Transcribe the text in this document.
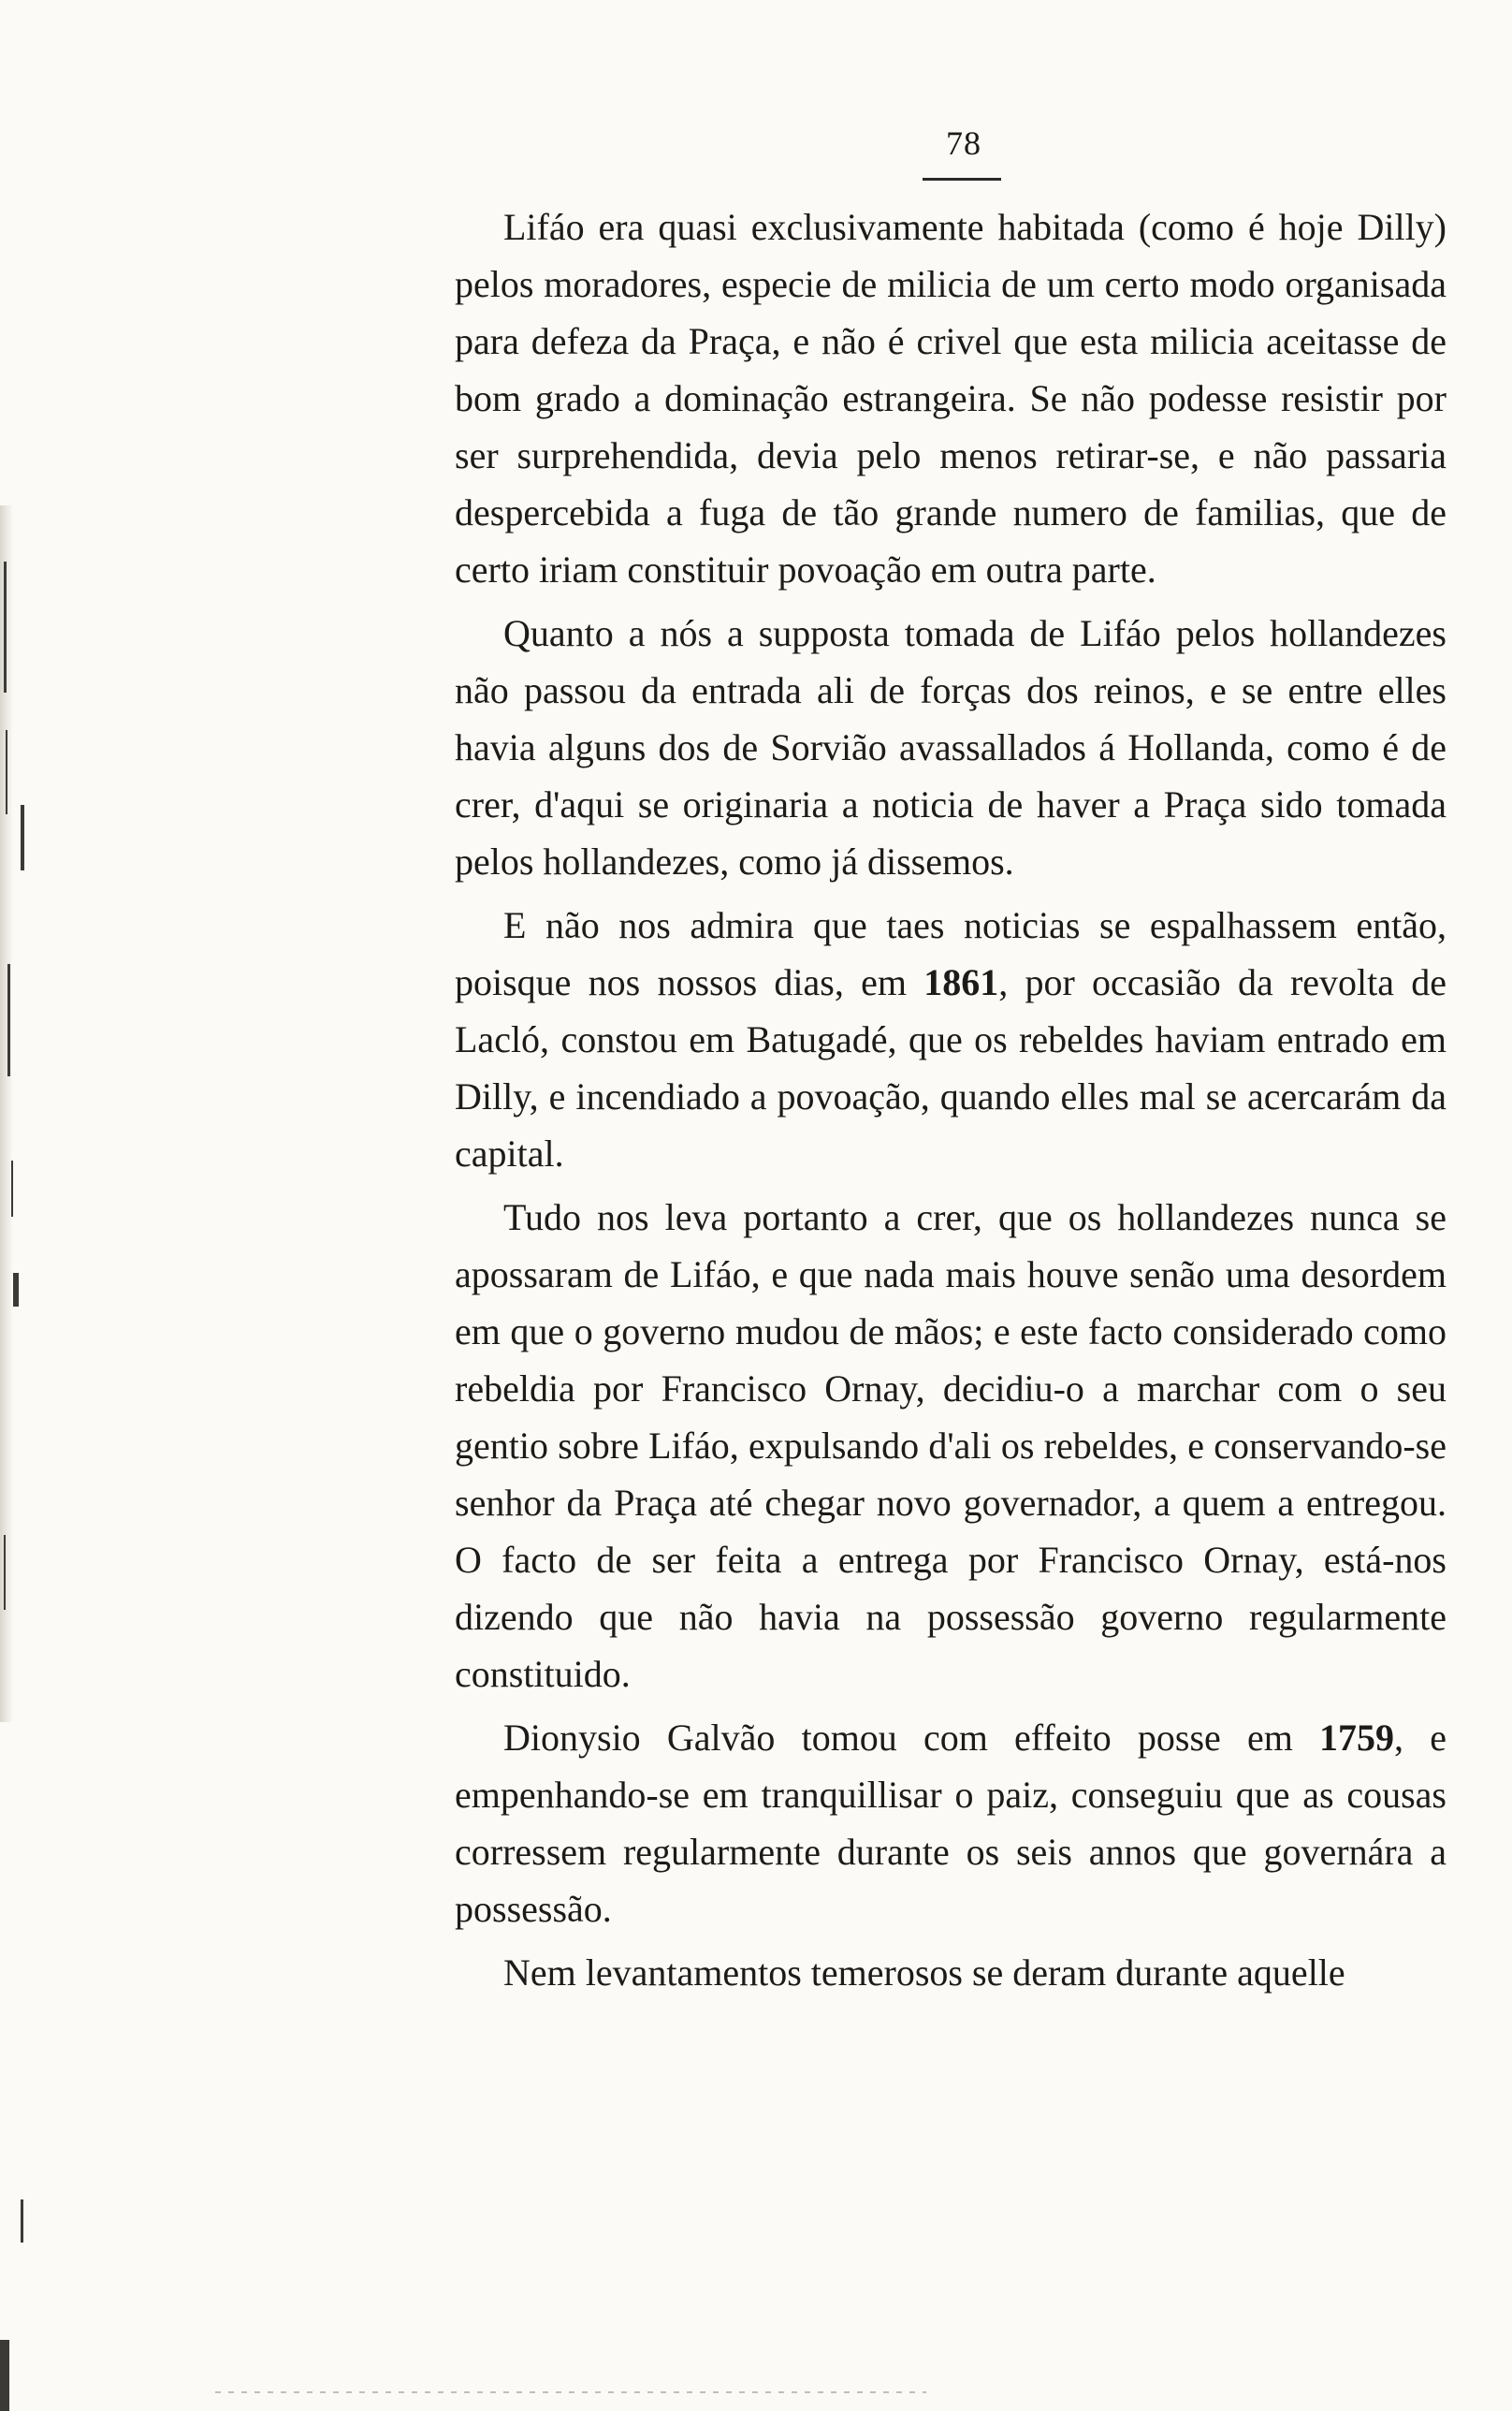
78

Lifáo era quasi exclusivamente habitada (como é hoje Dilly) pelos moradores, especie de milicia de um certo modo organisada para defeza da Praça, e não é crivel que esta milicia aceitasse de bom grado a dominação estrangeira. Se não podesse resistir por ser surprehendida, devia pelo menos retirar-se, e não passaria despercebida a fuga de tão grande numero de familias, que de certo iriam constituir povoação em outra parte.

Quanto a nós a supposta tomada de Lifáo pelos hollandezes não passou da entrada ali de forças dos reinos, e se entre elles havia alguns dos de Sorvião avassallados á Hollanda, como é de crer, d'aqui se originaria a noticia de haver a Praça sido tomada pelos hollandezes, como já dissemos.

E não nos admira que taes noticias se espalhassem então, poisque nos nossos dias, em 1861, por occasião da revolta de Lacló, constou em Batugadé, que os rebeldes haviam entrado em Dilly, e incendiado a povoação, quando elles mal se acercarám da capital.

Tudo nos leva portanto a crer, que os hollandezes nunca se apossaram de Lifáo, e que nada mais houve senão uma desordem em que o governo mudou de mãos; e este facto considerado como rebeldia por Francisco Ornay, decidiu-o a marchar com o seu gentio sobre Lifáo, expulsando d'ali os rebeldes, e conservando-se senhor da Praça até chegar novo governador, a quem a entregou. O facto de ser feita a entrega por Francisco Ornay, está-nos dizendo que não havia na possessão governo regularmente constituido.

Dionysio Galvão tomou com effeito posse em 1759, e empenhando-se em tranquillisar o paiz, conseguiu que as cousas corressem regularmente durante os seis annos que governára a possessão.

Nem levantamentos temerosos se deram durante aquelle
